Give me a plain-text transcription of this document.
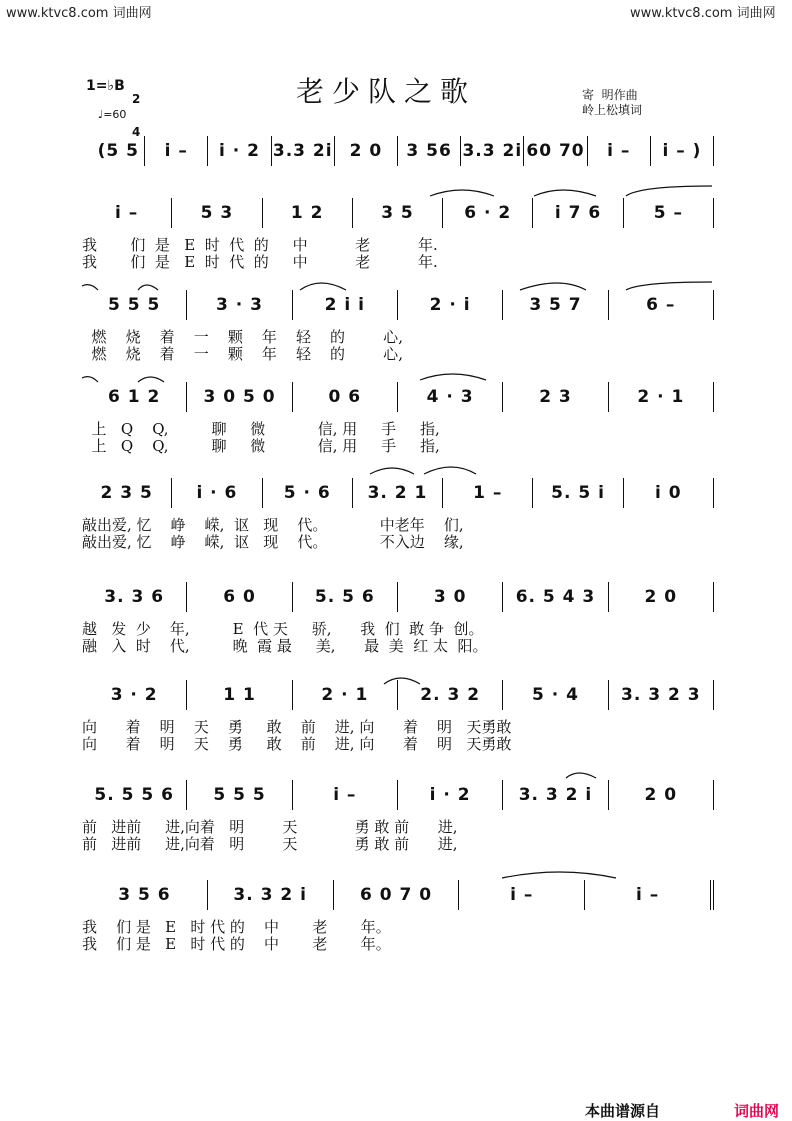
www.ktvc8.com 词曲网	www.ktvc8.com 词曲网
1=♭B

2

4

♩=60
老少队之歌	寄  明作曲
岭上松填词
(5 5	i –	i · 2 3.3 2i	2 0	3 56 3.3 2i 60 70	i –	i – )
i –	5 3	1 2	3 5	6 · 2	i 7 6	5 –
我       们  是   E  时  代  的     中          老          年.
我       们  是   E  时  代  的     中          老          年.
5 5 5	3 · 3	2 i i	2 · i	3 5 7	6 –
燃    烧    着    一    颗    年    轻    的        心,
燃    烧    着    一    颗    年    轻    的        心,
6 1 2	3 0 5 0	0 6	4 · 3	2 3	2 · 1
上   Q    Q,         聊     微           信, 用     手     指,
上   Q    Q,         聊     微           信, 用     手     指,
2 3 5	i · 6	5 · 6	3. 2 1	1 –	5. 5 i	i 0
敲出爱, 忆    峥    嵘,  讴   现    代。           中老年    们,
敲出爱, 忆    峥    嵘,  讴   现    代。           不入边    缘,
3. 3 6	6 0	5. 5 6	3 0	6. 5 4 3	2 0
越   发  少    年,         E  代 天     骄,      我  们  敢 争  创。
融   入  时    代,         晚  霞 最     美,      最  美  红 太  阳。
3 · 2	1 1	2 · 1	2. 3 2	5 · 4	3. 3 2 3
向      着    明    天    勇     敢    前    进, 向      着    明   天勇敢
向      着    明    天    勇     敢    前    进, 向      着    明   天勇敢
5. 5 5 6	5 5 5	i –	i · 2	3. 3 2 i	2 0
前   进前     进,向着   明        天            勇 敢 前      进,
前   进前     进,向着   明        天            勇 敢 前      进,
3 5 6	3. 3 2 i	6 0 7 0	i –	i –
我    们 是   E   时 代 的    中       老       年。
我    们 是   E   时 代 的    中       老       年。
本曲谱源自	词曲网
